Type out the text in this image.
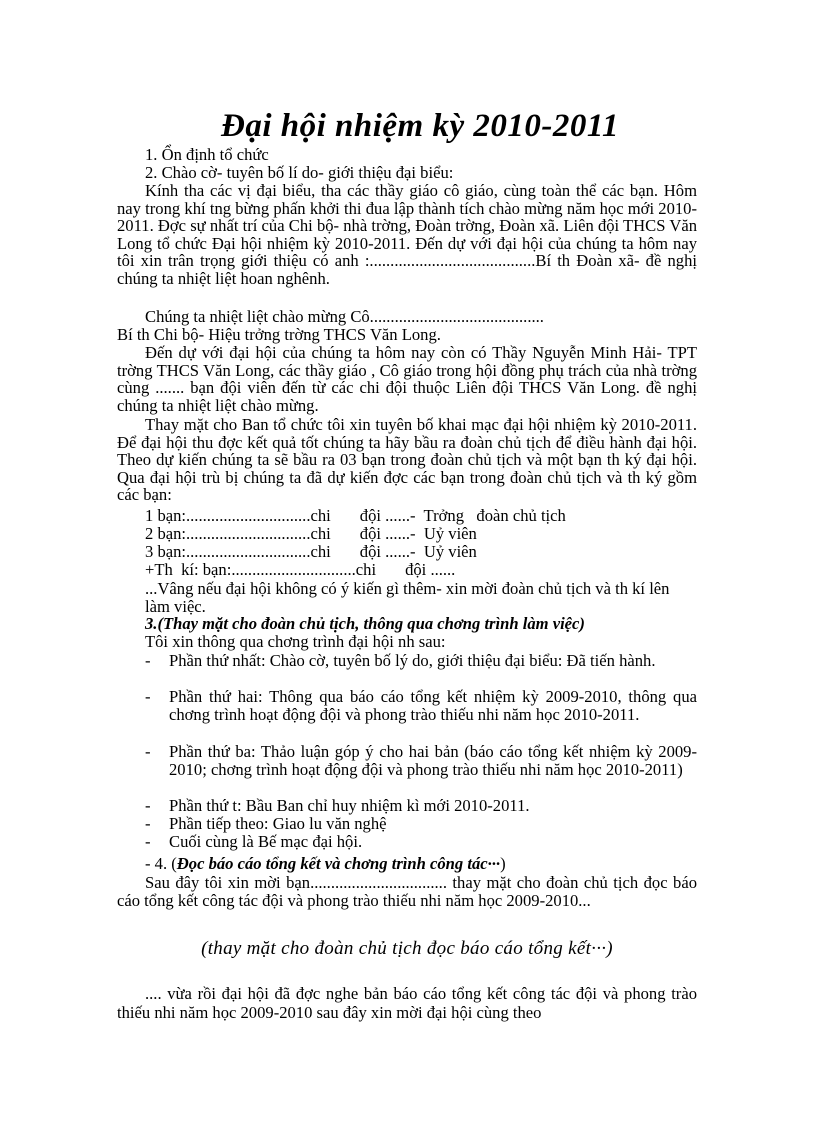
Đại hội nhiệm kỳ 2010-2011
1. Ổn định tổ chức
2. Chào cờ- tuyên bố lí do- giới thiệu đại biểu:

Kính tha các vị đại biểu, tha các thầy giáo cô giáo, cùng toàn thể các bạn. Hôm nay trong khí tng bừng phấn khởi thi đua lập thành tích chào mừng năm học mới 2010-2011. Đợc sự nhất trí của Chi bộ- nhà trờng, Đoàn trờng, Đoàn xã. Liên đội THCS Văn Long tổ chức Đại hội nhiệm kỳ 2010-2011. Đến dự với đại hội của chúng ta hôm nay tôi xin trân trọng giới thiệu có anh :........................................Bí th Đoàn xã- đề nghị chúng ta nhiệt liệt hoan nghênh.

Chúng ta nhiệt liệt chào mừng Cô..........................................
Bí th Chi bộ- Hiệu trởng trờng THCS Văn Long.

Đến dự với đại hội của chúng ta hôm nay còn có Thầy Nguyễn Minh Hải- TPT trờng THCS Văn Long, các thầy giáo , Cô giáo trong hội đồng phụ trách của nhà trờng cùng ....... bạn đội viên đến từ các chi đội thuộc Liên đội THCS Văn Long. đề nghị chúng ta nhiệt liệt chào mừng.

Thay mặt cho Ban tổ chức tôi xin tuyên bố khai mạc đại hội nhiệm kỳ 2010-2011. Để đại hội thu đợc kết quả tốt chúng ta hãy bầu ra đoàn chủ tịch để điều hành đại hội. Theo dự kiến chúng ta sẽ bầu ra 03 bạn trong đoàn chủ tịch và một bạn th ký đại hội. Qua đại hội trù bị chúng ta đã dự kiến đợc các bạn trong đoàn chủ tịch và th ký gồm các bạn:

1 bạn:..............................chi       đội ......-  Trởng   đoàn chủ tịch
2 bạn:..............................chi       đội ......-  Uỷ viên
3 bạn:..............................chi       đội ......-  Uỷ viên
+Th  kí: bạn:..............................chi       đội ......

...Vâng nếu đại hội không có ý kiến gì thêm- xin mời đoàn chủ tịch và th kí lên làm việc.

3.(Thay mặt cho đoàn chủ tịch, thông qua chơng trình làm việc)
Tôi xin thông qua chơng trình đại hội nh sau:
- Phần thứ nhất: Chào cờ, tuyên bố lý do, giới thiệu đại biểu: Đã tiến hành.
- Phần thứ hai: Thông qua báo cáo tổng kết nhiệm kỳ 2009-2010, thông qua chơng trình hoạt động đội và phong trào thiếu nhi năm học 2010-2011.
- Phần thứ ba: Thảo luận góp ý cho hai bản (báo cáo tổng kết nhiệm kỳ 2009-2010; chơng trình hoạt động đội và phong trào thiếu nhi năm học 2010-2011)
- Phần thứ t: Bầu Ban chỉ huy nhiệm kì mới 2010-2011.
- Phần tiếp theo: Giao lu văn nghệ
- Cuối cùng là Bế mạc đại hội.
- 4. (Đọc báo cáo tổng kết và chơng trình công tác···)

Sau đây tôi xin mời bạn................................. thay mặt cho đoàn chủ tịch đọc báo cáo tổng kết công tác đội và phong trào thiếu nhi năm học 2009-2010...

(thay mặt cho đoàn chủ tịch đọc báo cáo tổng kết···)

.... vừa rồi đại hội đã đợc nghe bản báo cáo tổng kết công tác đội và phong trào thiếu nhi năm học 2009-2010 sau đây xin mời đại hội cùng theo
